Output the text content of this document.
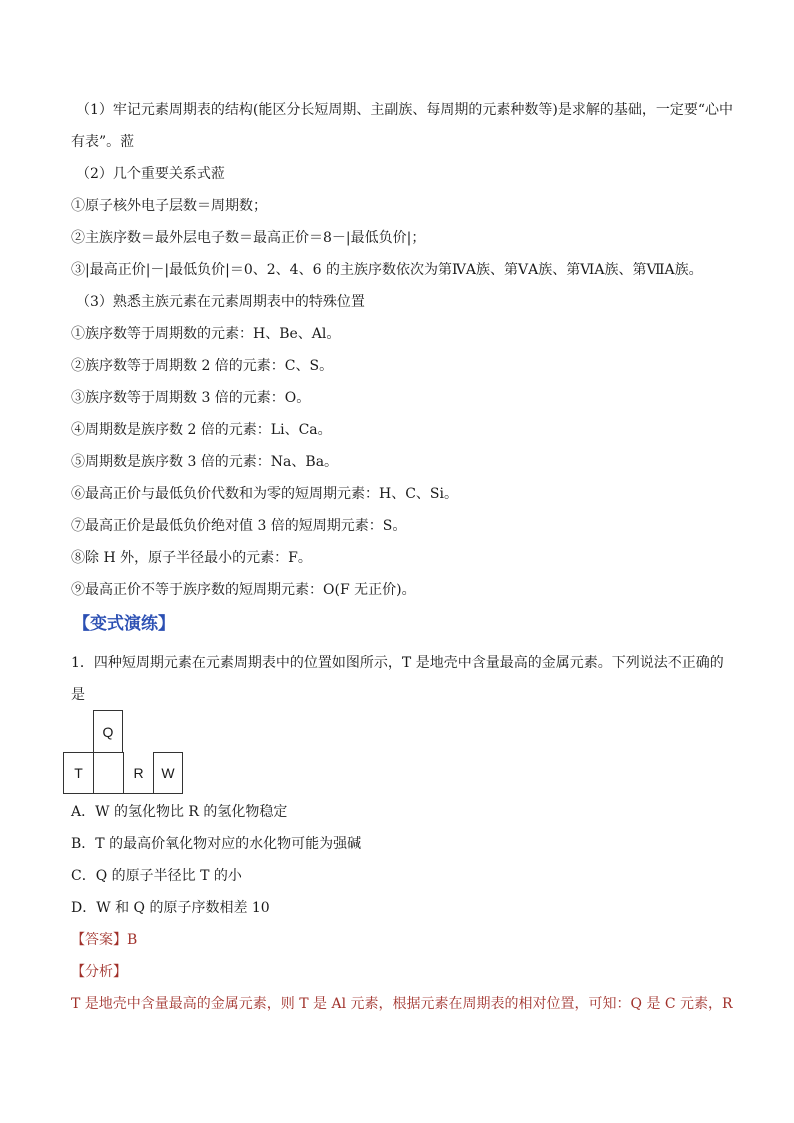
（1）牢记元素周期表的结构(能区分长短周期、主副族、每周期的元素种数等)是求解的基础，一定要“心中
有表”。蒞
（2）几个重要关系式蒞
①原子核外电子层数＝周期数；
②主族序数＝最外层电子数＝最高正价＝8－|最低负价|；
③|最高正价|－|最低负价|＝0、2、4、6 的主族序数依次为第ⅣA族、第ⅤA族、第ⅥA族、第ⅦA族。
（3）熟悉主族元素在元素周期表中的特殊位置
①族序数等于周期数的元素：H、Be、Al。
②族序数等于周期数 2 倍的元素：C、S。
③族序数等于周期数 3 倍的元素：O。
④周期数是族序数 2 倍的元素：Li、Ca。
⑤周期数是族序数 3 倍的元素：Na、Ba。
⑥最高正价与最低负价代数和为零的短周期元素：H、C、Si。
⑦最高正价是最低负价绝对值 3 倍的短周期元素：S。
⑧除 H 外，原子半径最小的元素：F。
⑨最高正价不等于族序数的短周期元素：O(F 无正价)。
【变式演练】
1．四种短周期元素在元素周期表中的位置如图所示，T 是地壳中含量最高的金属元素。下列说法不正确的
是
Q
T	R	W
A．W 的氢化物比 R 的氢化物稳定
B．T 的最高价氧化物对应的水化物可能为强碱
C．Q 的原子半径比 T 的小
D．W 和 Q 的原子序数相差 10
【答案】B
【分析】
T 是地壳中含量最高的金属元素，则 T 是 Al 元素，根据元素在周期表的相对位置，可知：Q 是 C 元素，R
